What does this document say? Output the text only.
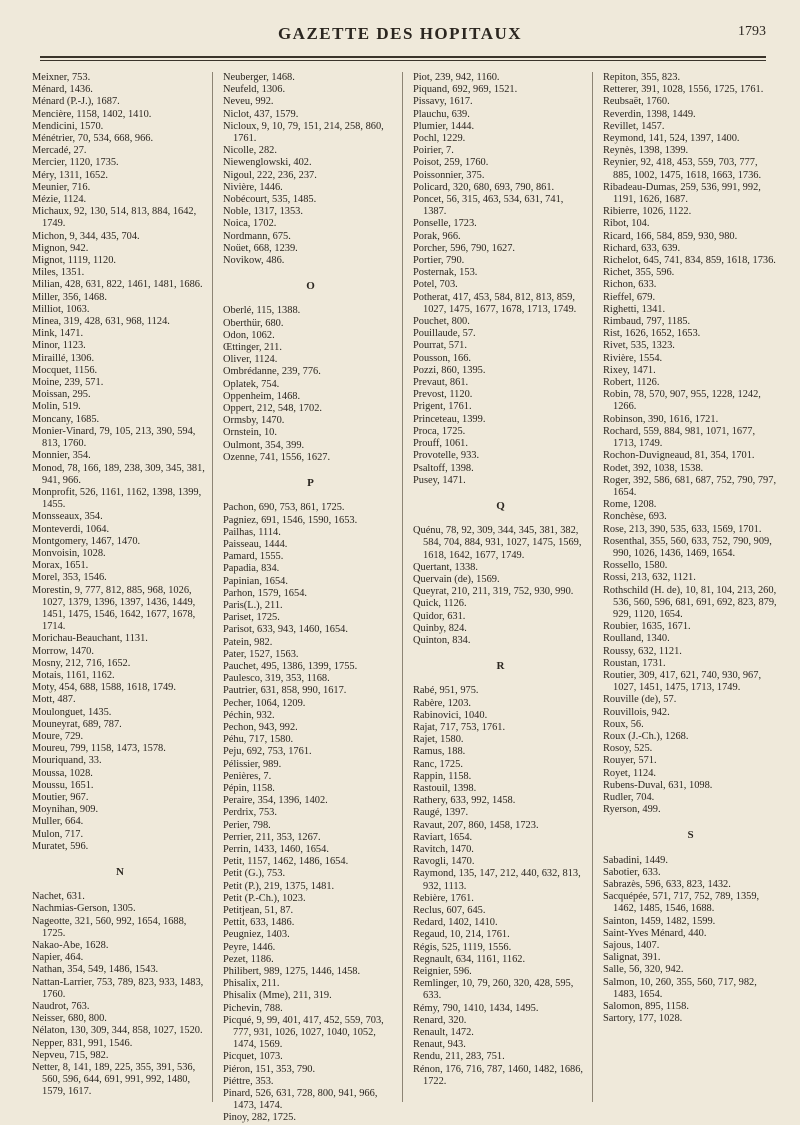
GAZETTE DES HOPITAUX	1793
Meixner, 753.
Ménard, 1436.
Ménard (P.-J.), 1687.
Mencière, 1158, 1402, 1410.
Mendicini, 1570.
Ménétrier, 70, 534, 668, 966.
Mercadé, 27.
Mercier, 1120, 1735.
Méry, 1311, 1652.
Meunier, 716.
Mézie, 1124.
Michaux, 92, 130, 514, 813, 884, 1642, 1749.
Michon, 9, 344, 435, 704.
Mignon, 942.
Mignot, 1119, 1120.
Miles, 1351.
Milian, 428, 631, 822, 1461, 1481, 1686.
Miller, 356, 1468.
Milliot, 1063.
Minea, 319, 428, 631, 968, 1124.
Mink, 1471.
Minor, 1123.
Miraillé, 1306.
Mocquet, 1156.
Moine, 239, 571.
Moissan, 295.
Molin, 519.
Moncany, 1685.
Monier-Vinard, 79, 105, 213, 390, 594, 813, 1760.
Monnier, 354.
Monod, 78, 166, 189, 238, 309, 345, 381, 941, 966.
Monprofit, 526, 1161, 1162, 1398, 1399, 1455.
Monsseaux, 354.
Monteverdi, 1064.
Montgomery, 1467, 1470.
Monvoisin, 1028.
Morax, 1651.
Morel, 353, 1546.
Morestin, 9, 777, 812, 885, 968, 1026, 1027, 1379, 1396, 1397, 1436, 1449, 1451, 1475, 1546, 1642, 1677, 1678, 1714.
Morichau-Beauchant, 1131.
Morrow, 1470.
Mosny, 212, 716, 1652.
Motais, 1161, 1162.
Moty, 454, 688, 1588, 1618, 1749.
Mott, 487.
Moulonguet, 1435.
Mouneyrat, 689, 787.
Moure, 729.
Moureu, 799, 1158, 1473, 1578.
Mouriquand, 33.
Moussa, 1028.
Moussu, 1651.
Moutier, 967.
Moynihan, 909.
Muller, 664.
Mulon, 717.
Muratet, 596.
N
Nachet, 631.
Nachmias-Gerson, 1305.
Nageotte, 321, 560, 992, 1654, 1688, 1725.
Nakao-Abe, 1628.
Napier, 464.
Nathan, 354, 549, 1486, 1543.
Nattan-Larrier, 753, 789, 823, 933, 1483, 1760.
Naudrot, 763.
Neisser, 680, 800.
Nélaton, 130, 309, 344, 858, 1027, 1520.
Nepper, 831, 991, 1546.
Nepveu, 715, 982.
Netter, 8, 141, 189, 225, 355, 391, 536, 560, 596, 644, 691, 991, 992, 1480, 1579, 1617.
Neuberger, 1468.
Neufeld, 1306.
Neveu, 992.
Niclot, 437, 1579.
Nicloux, 9, 10, 79, 151, 214, 258, 860, 1761.
Nicolle, 282.
Niewenglowski, 402.
Nigoul, 222, 236, 237.
Nivière, 1446.
Nobécourt, 535, 1485.
Noble, 1317, 1353.
Noica, 1702.
Nordmann, 675.
Noüet, 668, 1239.
Novikow, 486.
O
Oberlé, 115, 1388.
Oberthür, 680.
Odon, 1062.
Œttinger, 211.
Oliver, 1124.
Ombrédanne, 239, 776.
Oplatek, 754.
Oppenheim, 1468.
Oppert, 212, 548, 1702.
Ormsby, 1470.
Ornstein, 10.
Oulmont, 354, 399.
Ozenne, 741, 1556, 1627.
P
Pachon, 690, 753, 861, 1725.
Pagniez, 691, 1546, 1590, 1653.
Pailhas, 1114.
Paisseau, 1444.
Pamard, 1555.
Papadia, 834.
Papinian, 1654.
Parhon, 1579, 1654.
Paris(L.), 211.
Pariset, 1725.
Parisot, 633, 943, 1460, 1654.
Patein, 982.
Pater, 1527, 1563.
Pauchet, 495, 1386, 1399, 1755.
Paulesco, 319, 353, 1168.
Pautrier, 631, 858, 990, 1617.
Pecher, 1064, 1209.
Péchin, 932.
Pechon, 943, 992.
Péhu, 717, 1580.
Peju, 692, 753, 1761.
Pélissier, 989.
Penières, 7.
Pépin, 1158.
Peraire, 354, 1396, 1402.
Perdrix, 753.
Perier, 798.
Perrier, 211, 353, 1267.
Perrin, 1433, 1460, 1654.
Petit, 1157, 1462, 1486, 1654.
Petit (G.), 753.
Petit (P.), 219, 1375, 1481.
Petit (P.-Ch.), 1023.
Petitjean, 51, 87.
Pettit, 633, 1486.
Peugniez, 1403.
Peyre, 1446.
Pezet, 1186.
Philibert, 989, 1275, 1446, 1458.
Phisalix, 211.
Phisalix (Mme), 211, 319.
Pichevin, 788.
Picqué, 9, 99, 401, 417, 452, 559, 703, 777, 931, 1026, 1027, 1040, 1052, 1474, 1569.
Picquet, 1073.
Piéron, 151, 353, 790.
Piéttre, 353.
Pinard, 526, 631, 728, 800, 941, 966, 1473, 1474.
Pinoy, 282, 1725.
Piot, 239, 942, 1160.
Piquand, 692, 969, 1521.
Pissavy, 1617.
Plauchu, 639.
Plumier, 1444.
Pochl, 1229.
Poirier, 7.
Poisot, 259, 1760.
Poissonnier, 375.
Policard, 320, 680, 693, 790, 861.
Poncet, 56, 315, 463, 534, 631, 741, 1387.
Ponselle, 1723.
Porak, 966.
Porcher, 596, 790, 1627.
Portier, 790.
Posternak, 153.
Potel, 703.
Potherat, 417, 453, 584, 812, 813, 859, 1027, 1475, 1677, 1678, 1713, 1749.
Pouchet, 800.
Pouillaude, 57.
Pourrat, 571.
Pousson, 166.
Pozzi, 860, 1395.
Prevaut, 861.
Prevost, 1120.
Prigent, 1761.
Princeteau, 1399.
Proca, 1725.
Prouff, 1061.
Provotelle, 933.
Psaltoff, 1398.
Pusey, 1471.
Q
Quénu, 78, 92, 309, 344, 345, 381, 382, 584, 704, 884, 931, 1027, 1475, 1569, 1618, 1642, 1677, 1749.
Quertant, 1338.
Quervain (de), 1569.
Queyrat, 210, 211, 319, 752, 930, 990.
Quick, 1126.
Quidor, 631.
Quinby, 824.
Quinton, 834.
R
Rabé, 951, 975.
Rabère, 1203.
Rabinovici, 1040.
Rajat, 717, 753, 1761.
Rajet, 1580.
Ramus, 188.
Ranc, 1725.
Rappin, 1158.
Rastouil, 1398.
Rathery, 633, 992, 1458.
Raugé, 1397.
Ravaut, 207, 860, 1458, 1723.
Raviart, 1654.
Ravitch, 1470.
Ravogli, 1470.
Raymond, 135, 147, 212, 440, 632, 813, 932, 1113.
Rebière, 1761.
Reclus, 607, 645.
Redard, 1402, 1410.
Regaud, 10, 214, 1761.
Régis, 525, 1119, 1556.
Regnault, 634, 1161, 1162.
Reignier, 596.
Remlinger, 10, 79, 260, 320, 428, 595, 633.
Rémy, 790, 1410, 1434, 1495.
Renard, 320.
Renault, 1472.
Renaut, 943.
Rendu, 211, 283, 751.
Rénon, 176, 716, 787, 1460, 1482, 1686, 1722.
Repiton, 355, 823.
Retterer, 391, 1028, 1556, 1725, 1761.
Reubsaët, 1760.
Reverdin, 1398, 1449.
Revillet, 1457.
Reymond, 141, 524, 1397, 1400.
Reynès, 1398, 1399.
Reynier, 92, 418, 453, 559, 703, 777, 885, 1002, 1475, 1618, 1663, 1736.
Ribadeau-Dumas, 259, 536, 991, 992, 1191, 1626, 1687.
Ribierre, 1026, 1122.
Ribot, 104.
Ricard, 166, 584, 859, 930, 980.
Richard, 633, 639.
Richelot, 645, 741, 834, 859, 1618, 1736.
Richet, 355, 596.
Richon, 633.
Rieffel, 679.
Righetti, 1341.
Rimbaud, 797, 1185.
Rist, 1626, 1652, 1653.
Rivet, 535, 1323.
Rivière, 1554.
Rixey, 1471.
Robert, 1126.
Robin, 78, 570, 907, 955, 1228, 1242, 1266.
Robinson, 390, 1616, 1721.
Rochard, 559, 884, 981, 1071, 1677, 1713, 1749.
Rochon-Duvigneaud, 81, 354, 1701.
Rodet, 392, 1038, 1538.
Roger, 392, 586, 681, 687, 752, 790, 797, 1654.
Rome, 1208.
Ronchèse, 693.
Rose, 213, 390, 535, 633, 1569, 1701.
Rosenthal, 355, 560, 633, 752, 790, 909, 990, 1026, 1436, 1469, 1654.
Rossello, 1580.
Rossi, 213, 632, 1121.
Rothschild (H. de), 10, 81, 104, 213, 260, 536, 560, 596, 681, 691, 692, 823, 879, 929, 1120, 1654.
Roubier, 1635, 1671.
Roulland, 1340.
Roussy, 632, 1121.
Roustan, 1731.
Routier, 309, 417, 621, 740, 930, 967, 1027, 1451, 1475, 1713, 1749.
Rouville (de), 57.
Rouvillois, 942.
Roux, 56.
Roux (J.-Ch.), 1268.
Rosoy, 525.
Rouyer, 571.
Royet, 1124.
Rubens-Duval, 631, 1098.
Rudler, 704.
Ryerson, 499.
S
Sabadini, 1449.
Sabotier, 633.
Sabrazès, 596, 633, 823, 1432.
Sacquépée, 571, 717, 752, 789, 1359, 1462, 1485, 1546, 1688.
Sainton, 1459, 1482, 1599.
Saint-Yves Ménard, 440.
Sajous, 1407.
Salignat, 391.
Salle, 56, 320, 942.
Salmon, 10, 260, 355, 560, 717, 982, 1483, 1654.
Salomon, 895, 1158.
Sartory, 177, 1028.
